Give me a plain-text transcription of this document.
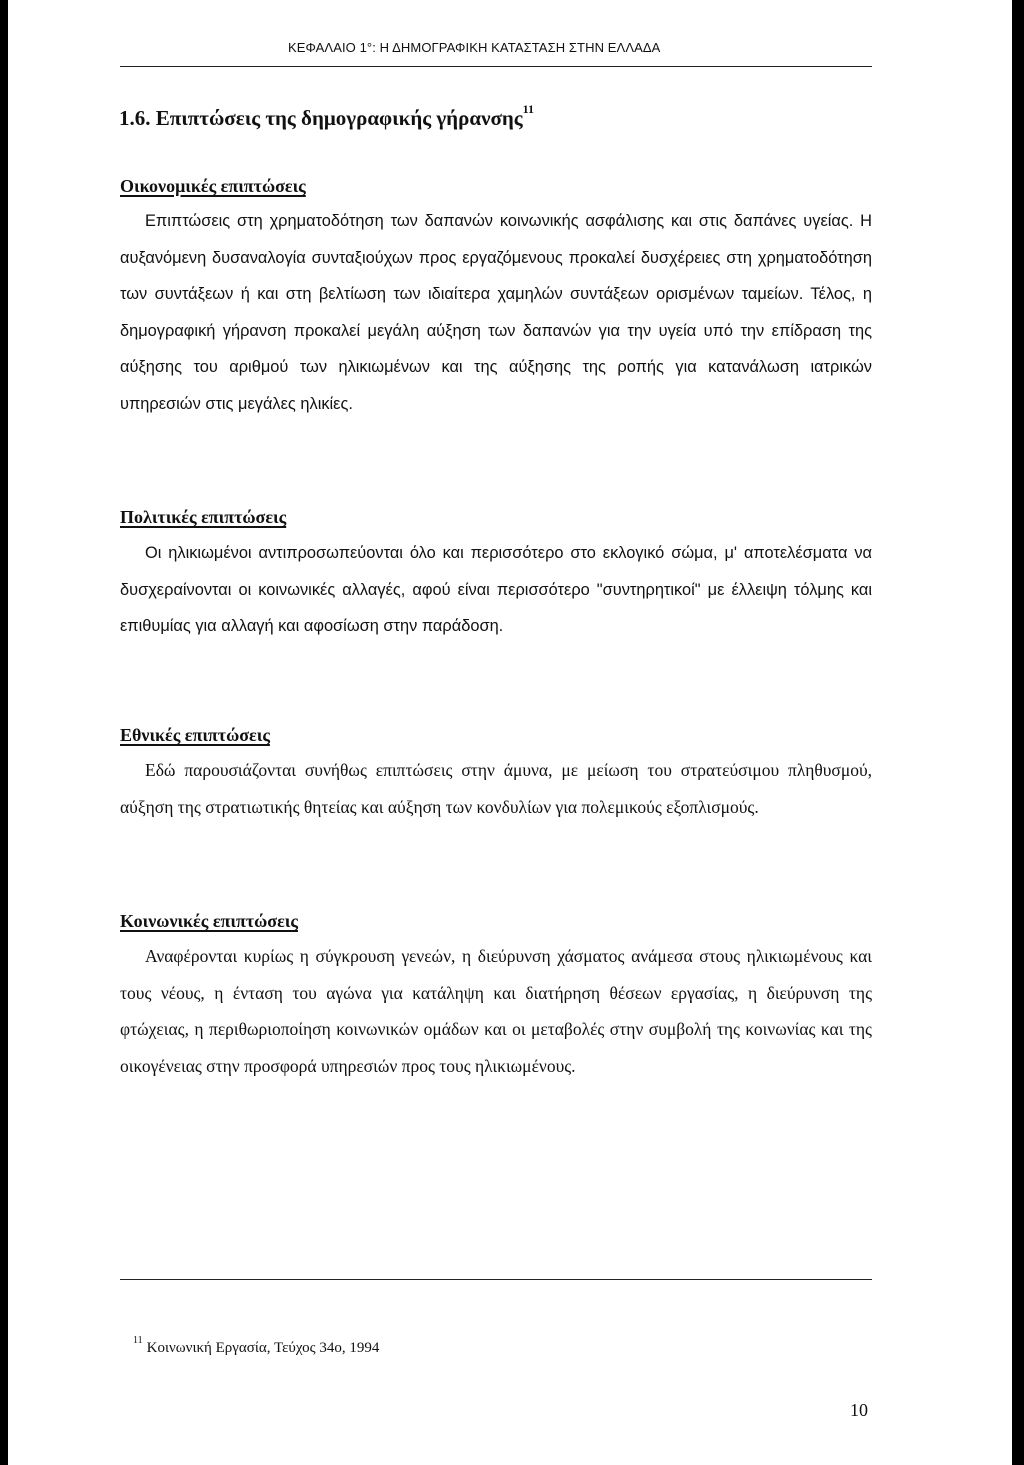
ΚΕΦΑΛΑΙΟ 1°: Η ΔΗΜΟΓΡΑΦΙΚΗ ΚΑΤΑΣΤΑΣΗ ΣΤΗΝ ΕΛΛΑΔΑ
1.6. Επιπτώσεις της δημογραφικής γήρανσης$^{11}$
Οικονομικές επιπτώσεις

Επιπτώσεις στη χρηματοδότηση των δαπανών κοινωνικής ασφάλισης και στις δαπάνες υγείας. Η αυξανόμενη δυσαναλογία συνταξιούχων προς εργαζόμενους προκαλεί δυσχέρειες στη χρηματοδότηση των συντάξεων ή και στη βελτίωση των ιδιαίτερα χαμηλών συντάξεων ορισμένων ταμείων. Τέλος, η δημογραφική γήρανση προκαλεί μεγάλη αύξηση των δαπανών για την υγεία υπό την επίδραση της αύξησης του αριθμού των ηλικιωμένων και της αύξησης της ροπής για κατανάλωση ιατρικών υπηρεσιών στις μεγάλες ηλικίες.

Πολιτικές επιπτώσεις

Οι ηλικιωμένοι αντιπροσωπεύονται όλο και περισσότερο στο εκλογικό σώμα, μ' αποτελέσματα να δυσχεραίνονται οι κοινωνικές αλλαγές, αφού είναι περισσότερο "συντηρητικοί" με έλλειψη τόλμης και επιθυμίας για αλλαγή και αφοσίωση στην παράδοση.

Εθνικές επιπτώσεις

Εδώ παρουσιάζονται συνήθως επιπτώσεις στην άμυνα, με μείωση του στρατεύσιμου πληθυσμού, αύξηση της στρατιωτικής θητείας και αύξηση των κονδυλίων για πολεμικούς εξοπλισμούς.

Κοινωνικές επιπτώσεις

Αναφέρονται κυρίως η σύγκρουση γενεών, η διεύρυνση χάσματος ανάμεσα στους ηλικιωμένους και τους νέους, η ένταση του αγώνα για κατάληψη και διατήρηση θέσεων εργασίας, η διεύρυνση της φτώχειας, η περιθωριοποίηση κοινωνικών ομάδων και οι μεταβολές στην συμβολή της κοινωνίας και της οικογένειας στην προσφορά υπηρεσιών προς τους ηλικιωμένους.

$^{11}$ Κοινωνική Εργασία, Τεύχος 34ο, 1994
10
